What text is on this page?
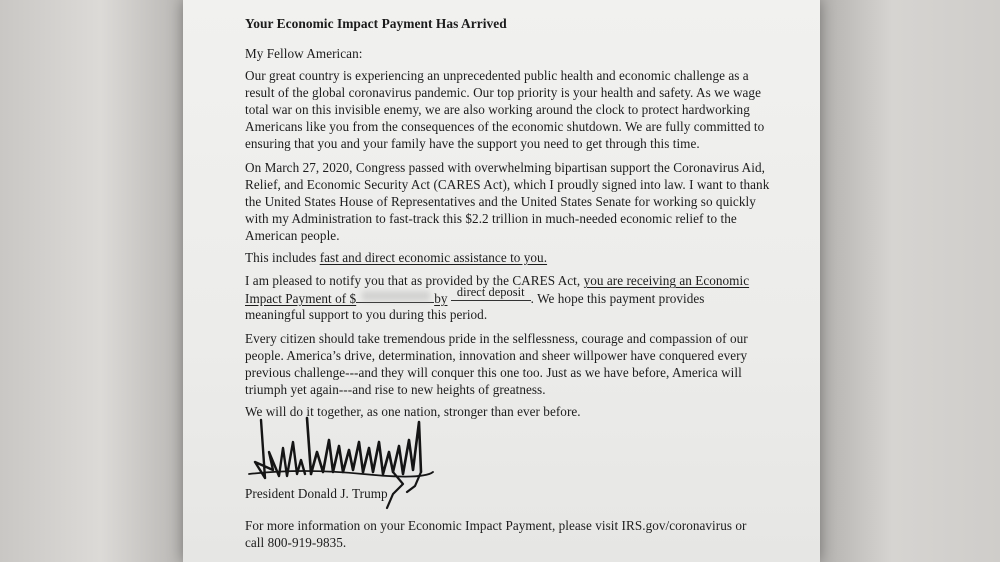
Your Economic Impact Payment Has Arrived
My Fellow American:
Our great country is experiencing an unprecedented public health and economic challenge as a
result of the global coronavirus pandemic. Our top priority is your health and safety. As we wage
total war on this invisible enemy, we are also working around the clock to protect hardworking
Americans like you from the consequences of the economic shutdown. We are fully committed to
ensuring that you and your family have the support you need to get through this time.
On March 27, 2020, Congress passed with overwhelming bipartisan support the Coronavirus Aid,
Relief, and Economic Security Act (CARES Act), which I proudly signed into law. I want to thank
the United States House of Representatives and the United States Senate for working so quickly
with my Administration to fast-track this $2.2 trillion in much-needed economic relief to the
American people.
This includes fast and direct economic assistance to you.
I am pleased to notify you that as provided by the CARES Act, you are receiving an Economic
Impact Payment of $	by direct deposit . We hope this payment provides
meaningful support to you during this period.
Every citizen should take tremendous pride in the selflessness, courage and compassion of our
people. America’s drive, determination, innovation and sheer willpower have conquered every
previous challenge---and they will conquer this one too. Just as we have before, America will
triumph yet again---and rise to new heights of greatness.
We will do it together, as one nation, stronger than ever before.
President Donald J. Trump
For more information on your Economic Impact Payment, please visit IRS.gov/coronavirus or
call 800-919-9835.
